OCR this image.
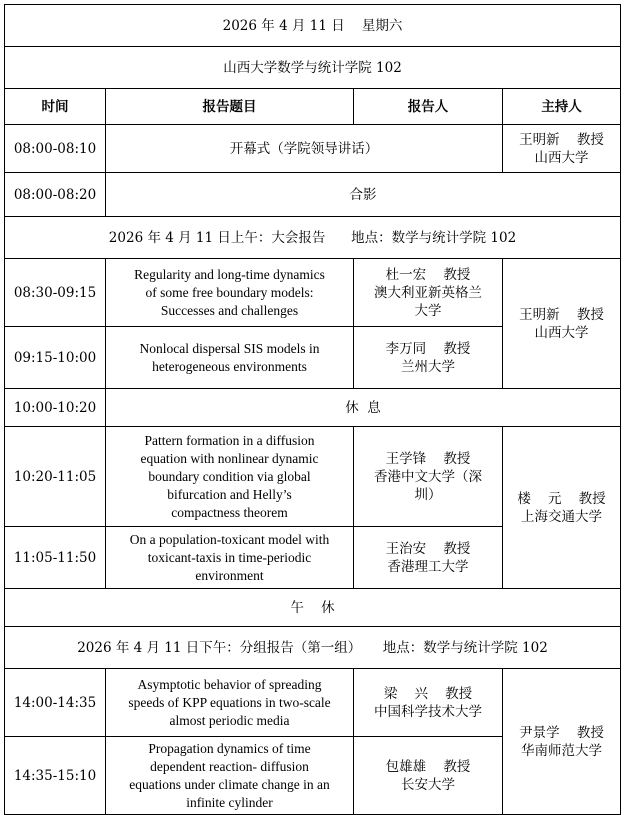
2026 年 4 月 11 日    星期六			
山西大学数学与统计学院 102			
时间	报告题目	报告人	主持人
08:00-08:10	开幕式（学院领导讲话）		王明新    教授
山西大学

08:00-08:20	合影		
2026 年 4 月 11 日上午：大会报告      地点：数学与统计学院 102			
08:30-09:15	Regularity and long-time dynamics
of some free boundary models:
Successes and challenges	杜一宏    教授
澳大利亚新英格兰
大学	王明新    教授
山西大学

09:15-10:00	Nonlocal dispersal SIS models in
heterogeneous environments	李万同    教授
兰州大学	

10:00-10:20	休  息		
10:20-11:05	Pattern formation in a diffusion
equation with nonlinear dynamic
boundary condition via global
bifurcation and Helly’s
compactness theorem	王学锋    教授
香港中文大学（深
圳）	楼    元    教授
上海交通大学

11:05-11:50	On a population-toxicant model with
toxicant-taxis in time-periodic
environment	王治安    教授
香港理工大学	

午    休			
2026 年 4 月 11 日下午：分组报告（第一组）     地点：数学与统计学院 102			
14:00-14:35	Asymptotic behavior of spreading
speeds of KPP equations in two-scale
almost periodic media	梁    兴    教授
中国科学技术大学	尹景学    教授
华南师范大学

14:35-15:10	Propagation dynamics of time
dependent reaction- diffusion
equations under climate change in an
infinite cylinder	包雄雄    教授
长安大学	
